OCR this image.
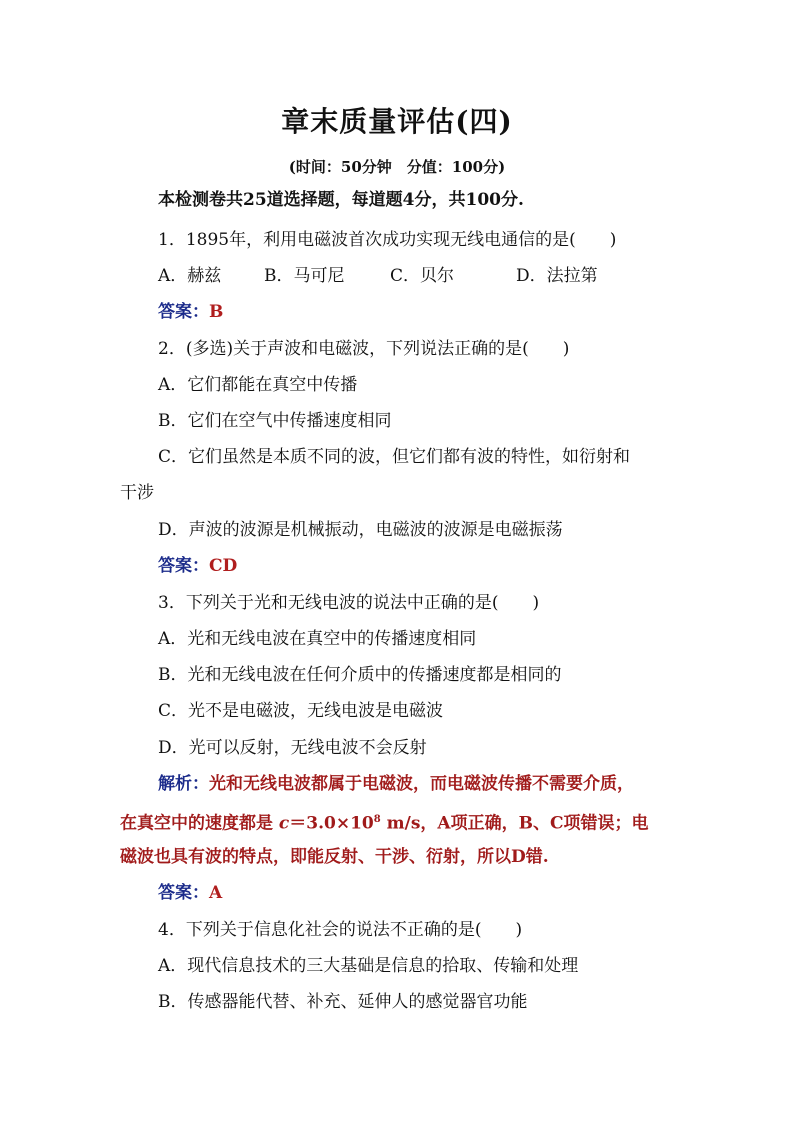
章末质量评估(四)
(时间：50分钟　分值：100分)
本检测卷共25道选择题，每道题4分，共100分.
1．1895年，利用电磁波首次成功实现无线电通信的是(　　)
A．赫兹	B．马可尼	C．贝尔	D．法拉第
答案：B
2．(多选)关于声波和电磁波，下列说法正确的是(　　)
A．它们都能在真空中传播
B．它们在空气中传播速度相同
C．它们虽然是本质不同的波，但它们都有波的特性，如衍射和
干涉
D．声波的波源是机械振动，电磁波的波源是电磁振荡
答案：CD
3．下列关于光和无线电波的说法中正确的是(　　)
A．光和无线电波在真空中的传播速度相同
B．光和无线电波在任何介质中的传播速度都是相同的
C．光不是电磁波，无线电波是电磁波
D．光可以反射，无线电波不会反射
解析：光和无线电波都属于电磁波，而电磁波传播不需要介质，
在真空中的速度都是 $c=3.0\times 10^8$ m/s，A项正确，B、C项错误；电
磁波也具有波的特点，即能反射、干涉、衍射，所以D错.
答案：A
4．下列关于信息化社会的说法不正确的是(　　)
A．现代信息技术的三大基础是信息的拾取、传输和处理
B．传感器能代替、补充、延伸人的感觉器官功能
